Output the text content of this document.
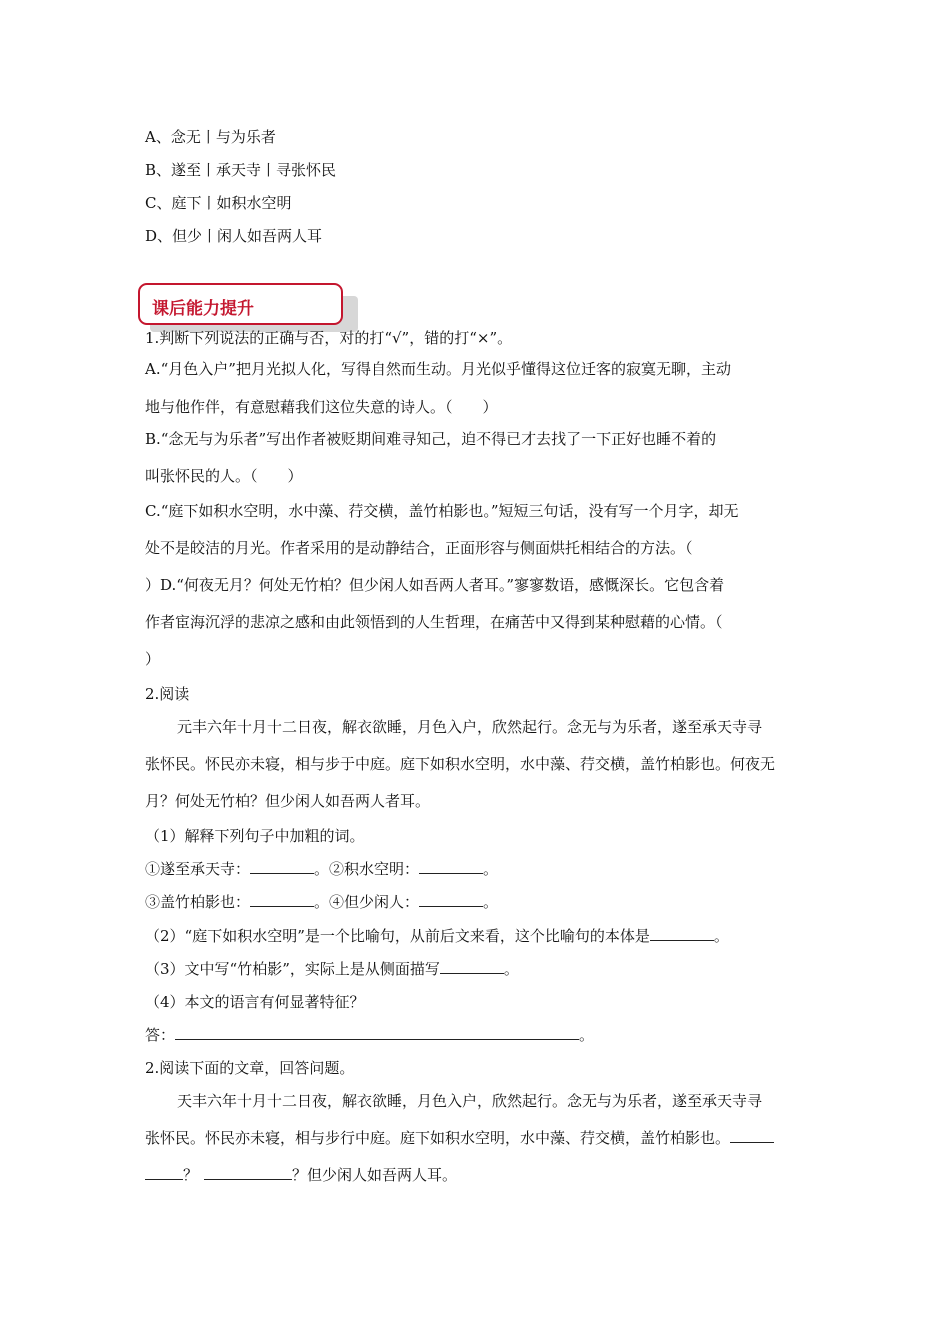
A、念无丨与为乐者
B、遂至丨承天寺丨寻张怀民
C、庭下丨如积水空明
D、但少丨闲人如吾两人耳
课后能力提升
1.判断下列说法的正确与否，对的打“√”，错的打“×”。
A.“月色入户”把月光拟人化，写得自然而生动。月光似乎懂得这位迁客的寂寞无聊，主动
地与他作伴，有意慰藉我们这位失意的诗人。（　　）
B.“念无与为乐者”写出作者被贬期间难寻知己，迫不得已才去找了一下正好也睡不着的
叫张怀民的人。（　　）
C.“庭下如积水空明，水中藻、荇交横，盖竹柏影也。”短短三句话，没有写一个月字，却无
处不是皎洁的月光。作者采用的是动静结合，正面形容与侧面烘托相结合的方法。（
）D.“何夜无月？何处无竹柏？但少闲人如吾两人者耳。”寥寥数语，感慨深长。它包含着
作者宦海沉浮的悲凉之感和由此领悟到的人生哲理，在痛苦中又得到某种慰藉的心情。（
）
2.阅读
元丰六年十月十二日夜，解衣欲睡，月色入户，欣然起行。念无与为乐者，遂至承天寺寻
张怀民。怀民亦未寝，相与步于中庭。庭下如积水空明，水中藻、荇交横，盖竹柏影也。何夜无
月？何处无竹柏？但少闲人如吾两人者耳。
（1）解释下列句子中加粗的词。
①遂至承天寺：	。②积水空明：	。
③盖竹柏影也：	。④但少闲人：	。
（2）“庭下如积水空明”是一个比喻句，从前后文来看，这个比喻句的本体是	。
（3）文中写“竹柏影”，实际上是从侧面描写	。
（4）本文的语言有何显著特征？
答：	。
2.阅读下面的文章，回答问题。
天丰六年十月十二日夜，解衣欲睡，月色入户，欣然起行。念无与为乐者，遂至承天寺寻
张怀民。怀民亦未寝，相与步行中庭。庭下如积水空明，水中藻、荇交横，盖竹柏影也。
？	？但少闲人如吾两人耳。
